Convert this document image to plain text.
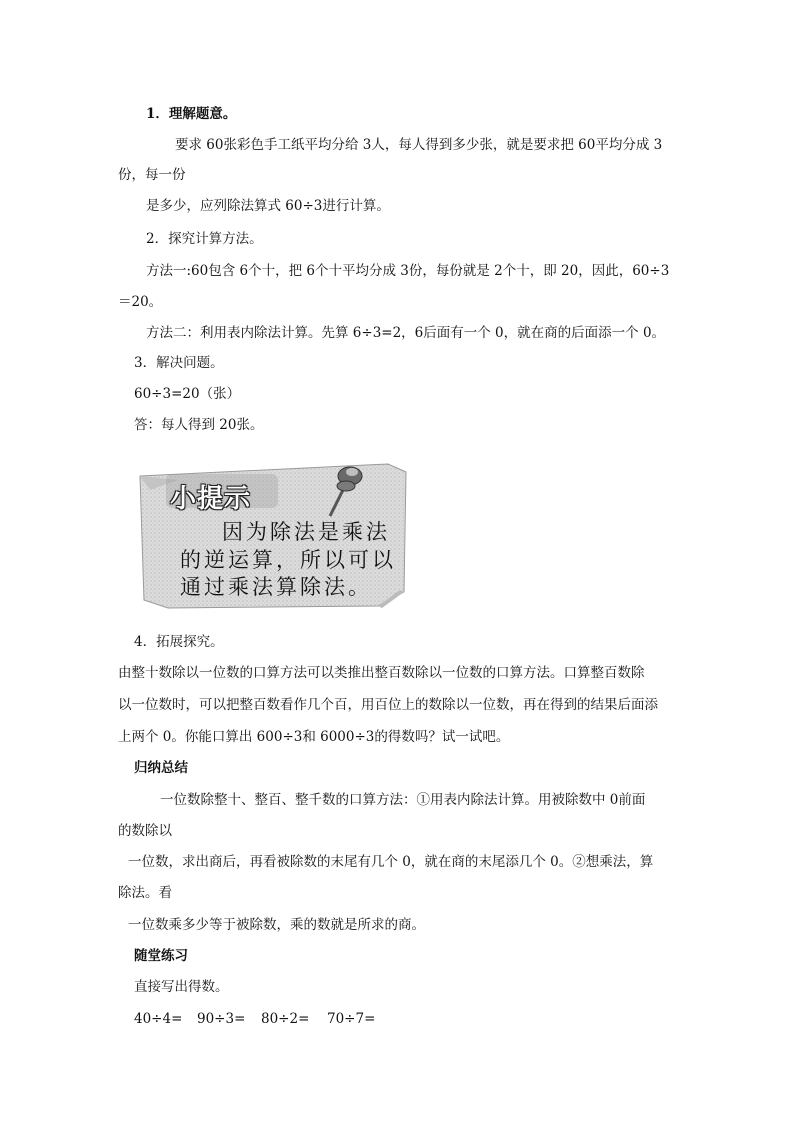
1．理解题意。
要求 60张彩色手工纸平均分给 3人，每人得到多少张，就是要求把 60平均分成 3
份，每一份
是多少，应列除法算式 60÷3进行计算。
2．探究计算方法。
方法一:60包含 6个十，把 6个十平均分成 3份，每份就是 2个十，即 20，因此，60÷3
＝20。
方法二：利用表内除法计算。先算 6÷3=2，6后面有一个 0，就在商的后面添一个 0。
3．解决问题。
60÷3=20（张）
答：每人得到 20张。
小提示
因为除法是乘法
的逆运算，所以可以
通过乘法算除法。
4．拓展探究。
由整十数除以一位数的口算方法可以类推出整百数除以一位数的口算方法。口算整百数除
以一位数时，可以把整百数看作几个百，用百位上的数除以一位数，再在得到的结果后面添
上两个 0。你能口算出 600÷3和 6000÷3的得数吗？试一试吧。
归纳总结
一位数除整十、整百、整千数的口算方法：①用表内除法计算。用被除数中 0前面
的数除以
一位数，求出商后，再看被除数的末尾有几个 0，就在商的末尾添几个 0。②想乘法，算
除法。看
一位数乘多少等于被除数，乘的数就是所求的商。
随堂练习
直接写出得数。
40÷4= 90÷3= 80÷2= 70÷7=
